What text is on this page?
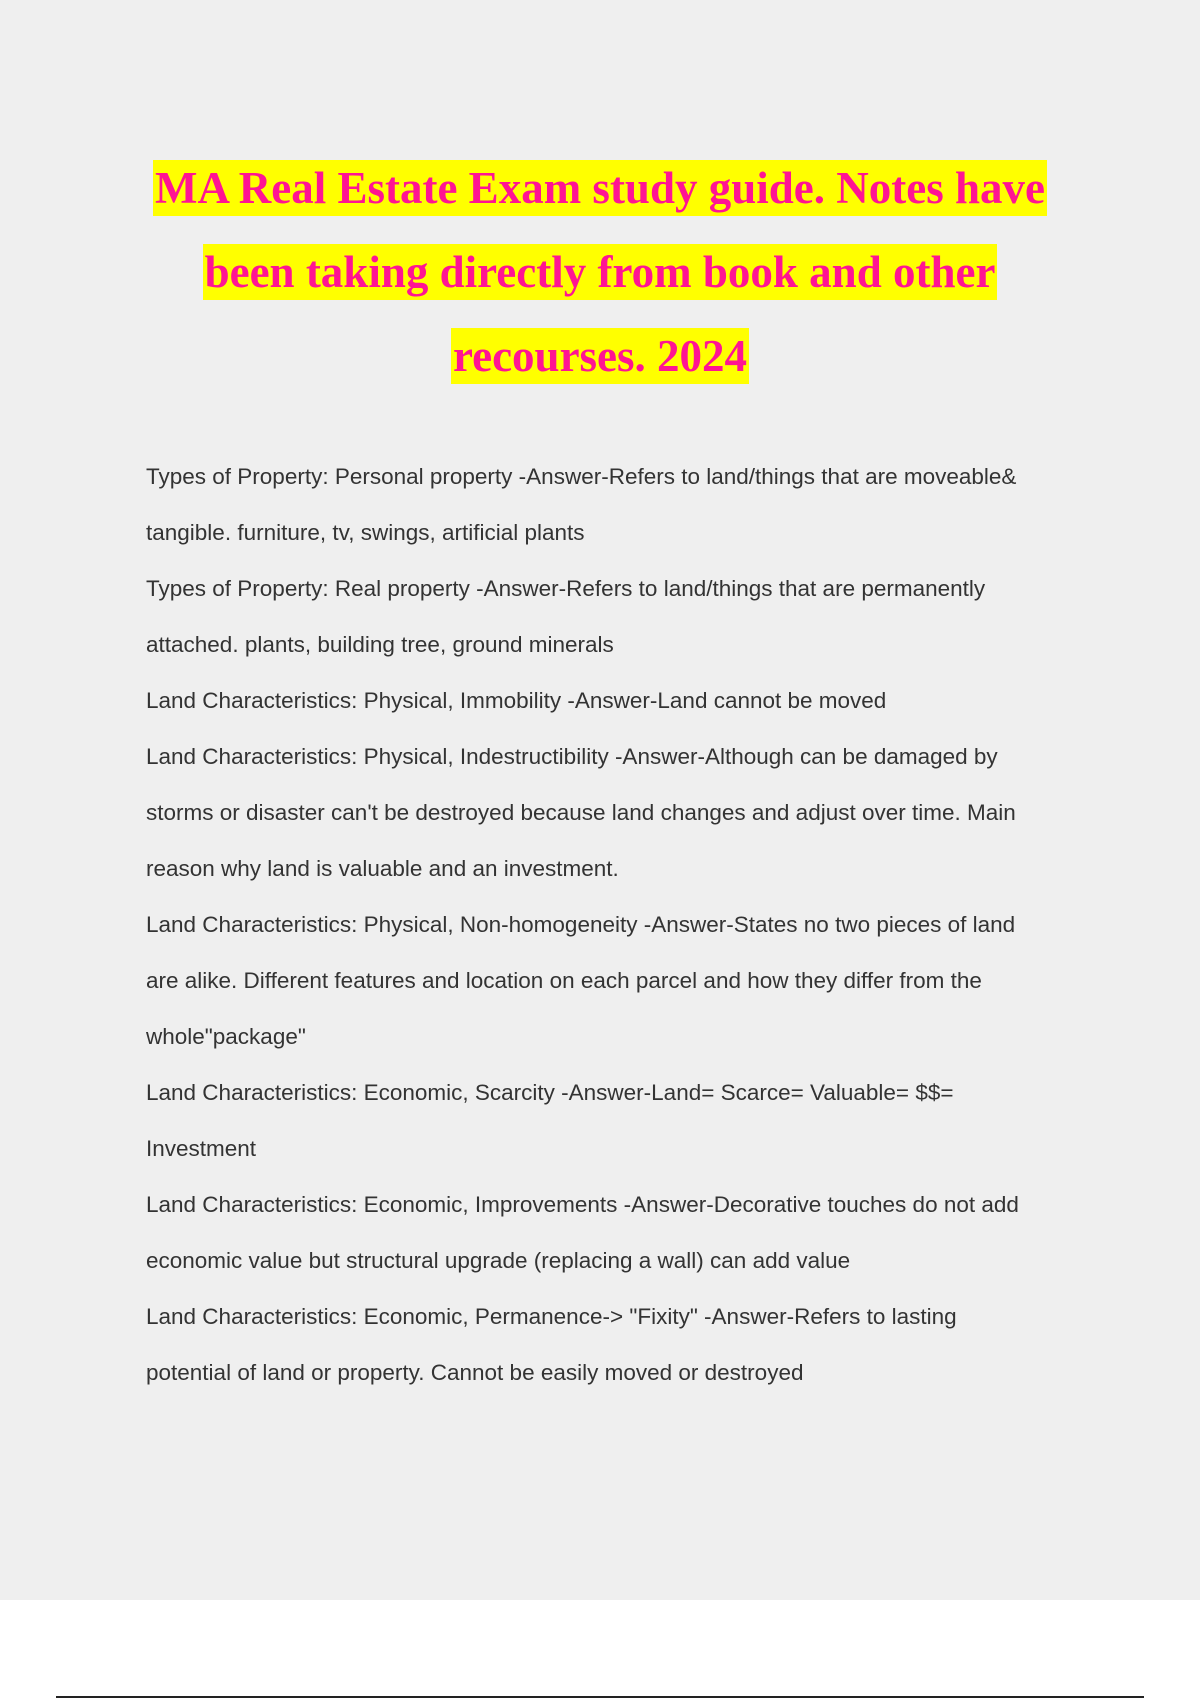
MA Real Estate Exam study guide. Notes have
been taking directly from book and other
recourses. 2024

Types of Property: Personal property -Answer-Refers to land/things that are moveable&

tangible. furniture, tv, swings, artificial plants

Types of Property: Real property -Answer-Refers to land/things that are permanently

attached. plants, building tree, ground minerals

Land Characteristics: Physical, Immobility -Answer-Land cannot be moved

Land Characteristics: Physical, Indestructibility -Answer-Although can be damaged by

storms or disaster can't be destroyed because land changes and adjust over time. Main

reason why land is valuable and an investment.

Land Characteristics: Physical, Non-homogeneity -Answer-States no two pieces of land

are alike. Different features and location on each parcel and how they differ from the

whole"package"

Land Characteristics: Economic, Scarcity -Answer-Land= Scarce= Valuable= $$=

Investment

Land Characteristics: Economic, Improvements -Answer-Decorative touches do not add

economic value but structural upgrade (replacing a wall) can add value

Land Characteristics: Economic, Permanence-> "Fixity" -Answer-Refers to lasting

potential of land or property. Cannot be easily moved or destroyed
